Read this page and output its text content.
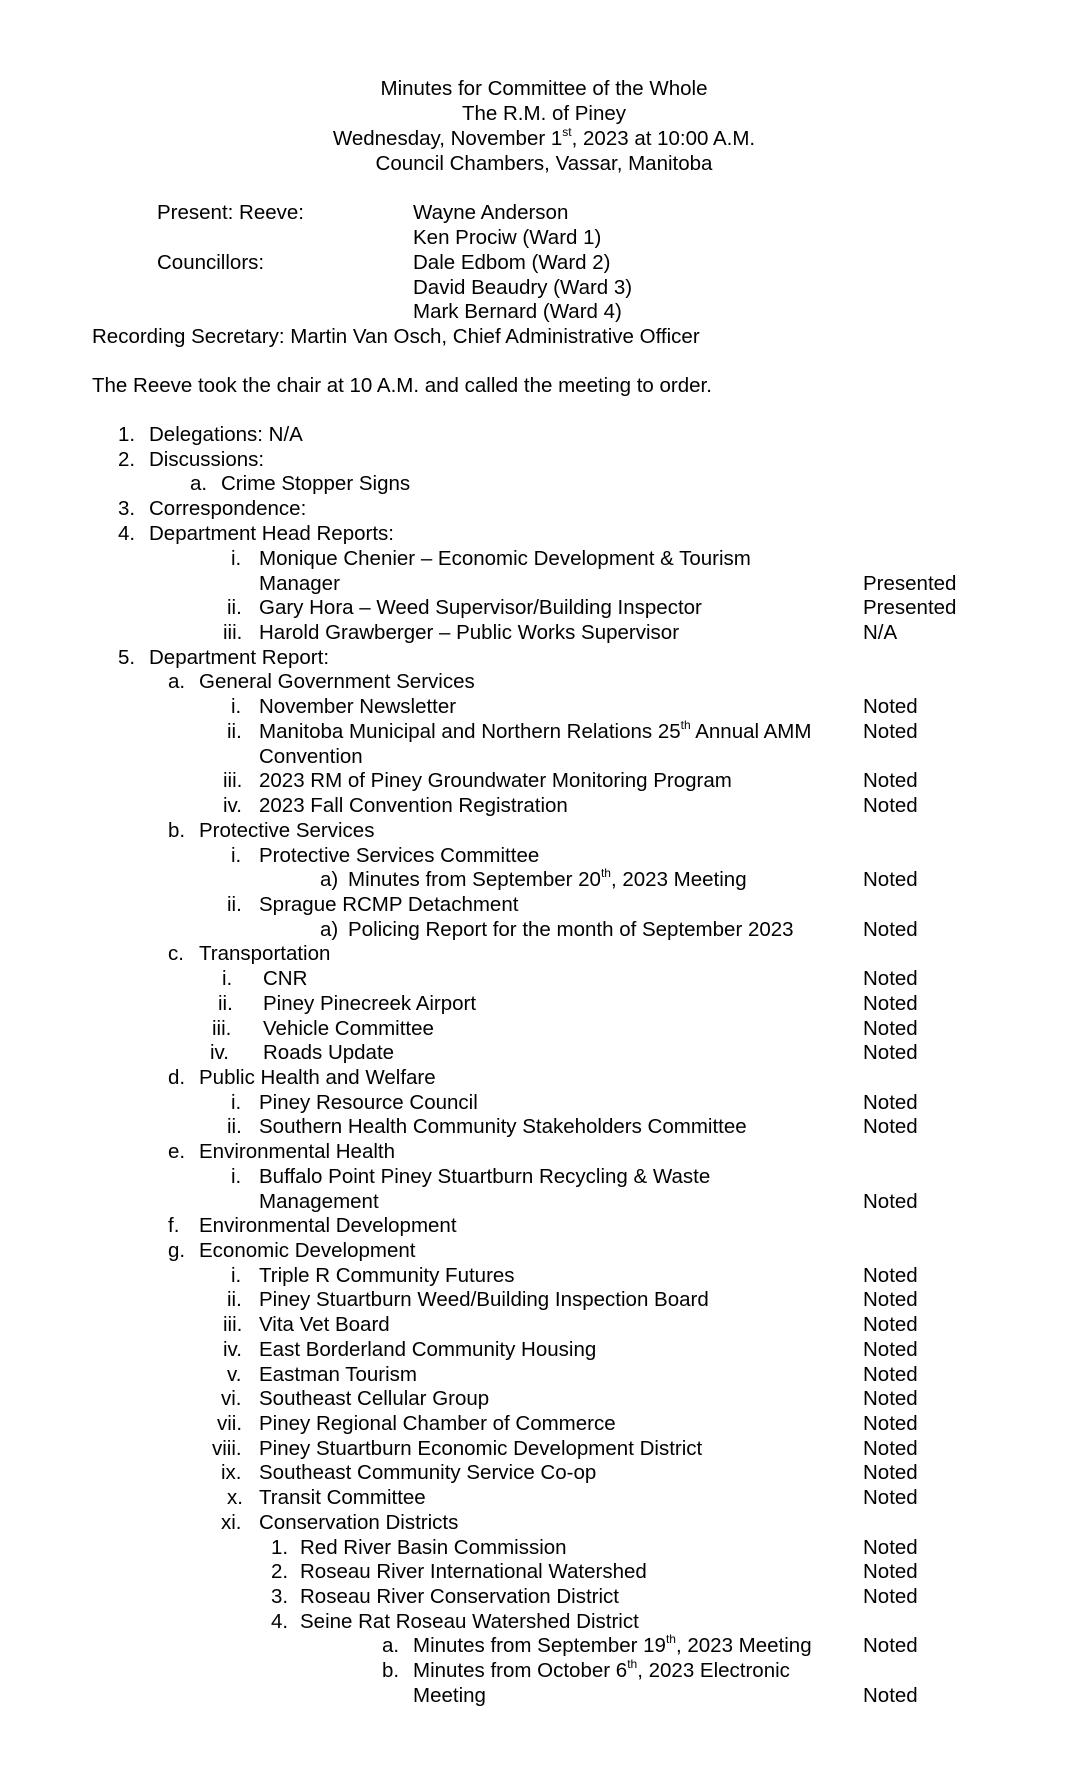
Minutes for Committee of the Whole
The R.M. of Piney
Wednesday, November 1st, 2023 at 10:00 A.M.
Council Chambers, Vassar, Manitoba
Present: Reeve:	Wayne Anderson
Ken Prociw (Ward 1)
Councillors:	Dale Edbom (Ward 2)
David Beaudry (Ward 3)
Mark Bernard (Ward 4)
Recording Secretary: Martin Van Osch, Chief Administrative Officer
The Reeve took the chair at 10 A.M. and called the meeting to order.
1. Delegations: N/A
2. Discussions:
a. Crime Stopper Signs
3. Correspondence:
4. Department Head Reports:
i. Monique Chenier – Economic Development & Tourism
Manager	Presented
ii. Gary Hora – Weed Supervisor/Building Inspector	Presented
iii. Harold Grawberger – Public Works Supervisor	N/A
5. Department Report:
a. General Government Services
i. November Newsletter	Noted
ii. Manitoba Municipal and Northern Relations 25th Annual AMM	Noted
Convention
iii. 2023 RM of Piney Groundwater Monitoring Program	Noted
iv. 2023 Fall Convention Registration	Noted
b. Protective Services
i. Protective Services Committee
a) Minutes from September 20th, 2023 Meeting	Noted
ii. Sprague RCMP Detachment
a) Policing Report for the month of September 2023	Noted
c. Transportation
i. CNR	Noted
ii. Piney Pinecreek Airport	Noted
iii. Vehicle Committee	Noted
iv. Roads Update	Noted
d. Public Health and Welfare
i. Piney Resource Council	Noted
ii. Southern Health Community Stakeholders Committee	Noted
e. Environmental Health
i. Buffalo Point Piney Stuartburn Recycling & Waste
Management	Noted
f. Environmental Development
g. Economic Development
i. Triple R Community Futures	Noted
ii. Piney Stuartburn Weed/Building Inspection Board	Noted
iii. Vita Vet Board	Noted
iv. East Borderland Community Housing	Noted
v. Eastman Tourism	Noted
vi. Southeast Cellular Group	Noted
vii. Piney Regional Chamber of Commerce	Noted
viii. Piney Stuartburn Economic Development District	Noted
ix. Southeast Community Service Co-op	Noted
x. Transit Committee	Noted
xi. Conservation Districts
1. Red River Basin Commission	Noted
2. Roseau River International Watershed	Noted
3. Roseau River Conservation District	Noted
4. Seine Rat Roseau Watershed District
a. Minutes from September 19th, 2023 Meeting	Noted
b. Minutes from October 6th, 2023 Electronic
Meeting	Noted
